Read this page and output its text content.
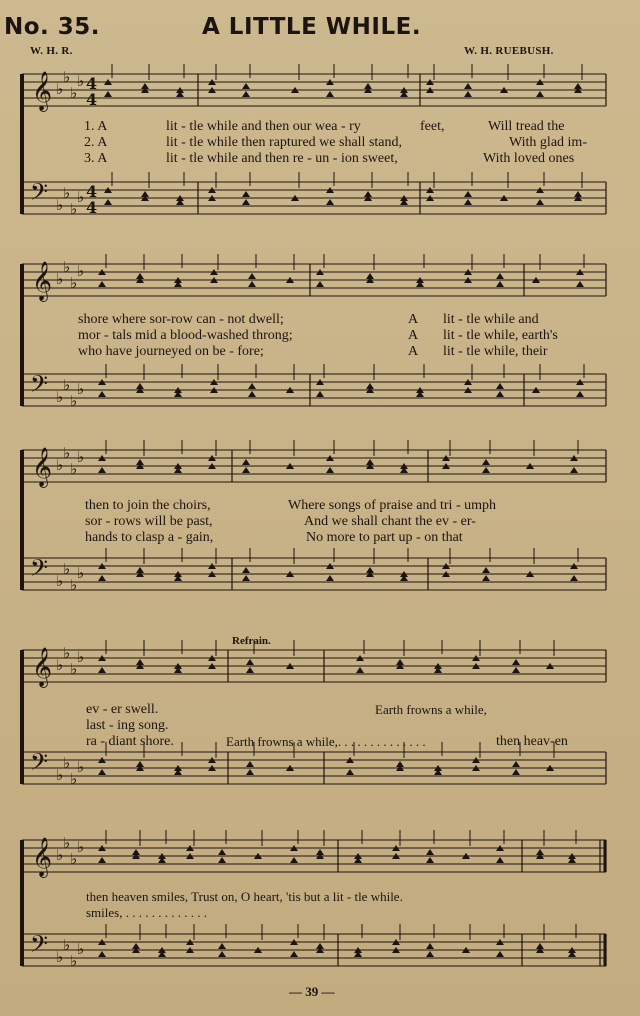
No. 35.	A LITTLE WHILE.
W. H. R.	W. H. RUEBUSH.
𝄞
𝄢
♭
♭
♭
♭
♭
♭
♭
♭
4
4
4
4
1. A	lit - tle while and then our wea - ry	feet,	Will tread the
2. A	lit - tle while then raptured we shall stand,	With glad im-
3. A	lit - tle while and then re - un - ion sweet,	With loved ones
𝄞
𝄢
♭
♭
♭
♭
♭
♭
♭
♭
shore where sor-row can - not dwell;	A lit - tle while and
mor - tals mid a blood-washed throng;	A lit - tle while, earth's
who have journeyed on be - fore;	A lit - tle while, their
𝄞
𝄢
♭
♭
♭
♭
♭
♭
♭
♭
then to join the choirs,	Where songs of praise and tri - umph
sor - rows will be past,	And we shall chant the ev - er-
hands to clasp a - gain,	No more to part up - on that
Refrain.
𝄞
𝄢
♭
♭
♭
♭
♭
♭
♭
♭
ev - er swell.	Earth frowns a while,
last - ing song.
ra - diant shore.	Earth frowns a while,. . . . . . . . . . . . . .	then heav-en
𝄞
𝄢
♭
♭
♭
♭
♭
♭
♭
♭
then heaven smiles, Trust on, O heart, 'tis but a lit - tle while.
smiles, . . . . . . . . . . . . .
— 39 —
